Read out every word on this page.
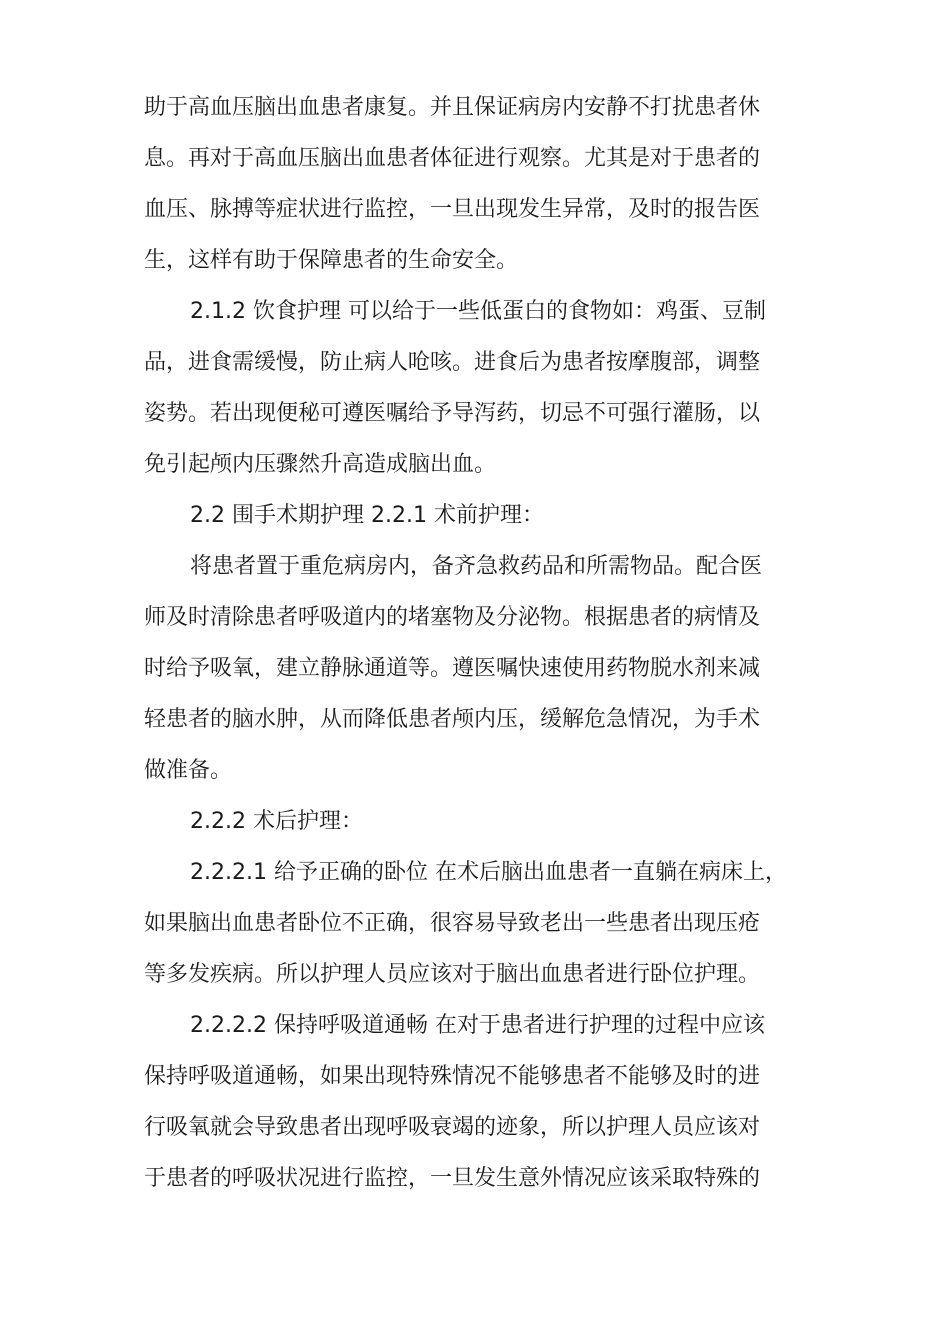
助于高血压脑出血患者康复。并且保证病房内安静不打扰患者休
息。再对于高血压脑出血患者体征进行观察。尤其是对于患者的
血压、脉搏等症状进行监控，一旦出现发生异常，及时的报告医
生，这样有助于保障患者的生命安全。
2.1.2 饮食护理 可以给于一些低蛋白的食物如：鸡蛋、豆制
品，进食需缓慢，防止病人呛咳。进食后为患者按摩腹部，调整
姿势。若出现便秘可遵医嘱给予导泻药，切忌不可强行灌肠，以
免引起颅内压骤然升高造成脑出血。
2.2 围手术期护理 2.2.1 术前护理：
将患者置于重危病房内，备齐急救药品和所需物品。配合医
师及时清除患者呼吸道内的堵塞物及分泌物。根据患者的病情及
时给予吸氧，建立静脉通道等。遵医嘱快速使用药物脱水剂来减
轻患者的脑水肿，从而降低患者颅内压，缓解危急情况，为手术
做准备。
2.2.2 术后护理：
2.2.2.1 给予正确的卧位 在术后脑出血患者一直躺在病床上，
如果脑出血患者卧位不正确，很容易导致老出一些患者出现压疮
等多发疾病。所以护理人员应该对于脑出血患者进行卧位护理。
2.2.2.2 保持呼吸道通畅 在对于患者进行护理的过程中应该
保持呼吸道通畅，如果出现特殊情况不能够患者不能够及时的进
行吸氧就会导致患者出现呼吸衰竭的迹象，所以护理人员应该对
于患者的呼吸状况进行监控，一旦发生意外情况应该采取特殊的
